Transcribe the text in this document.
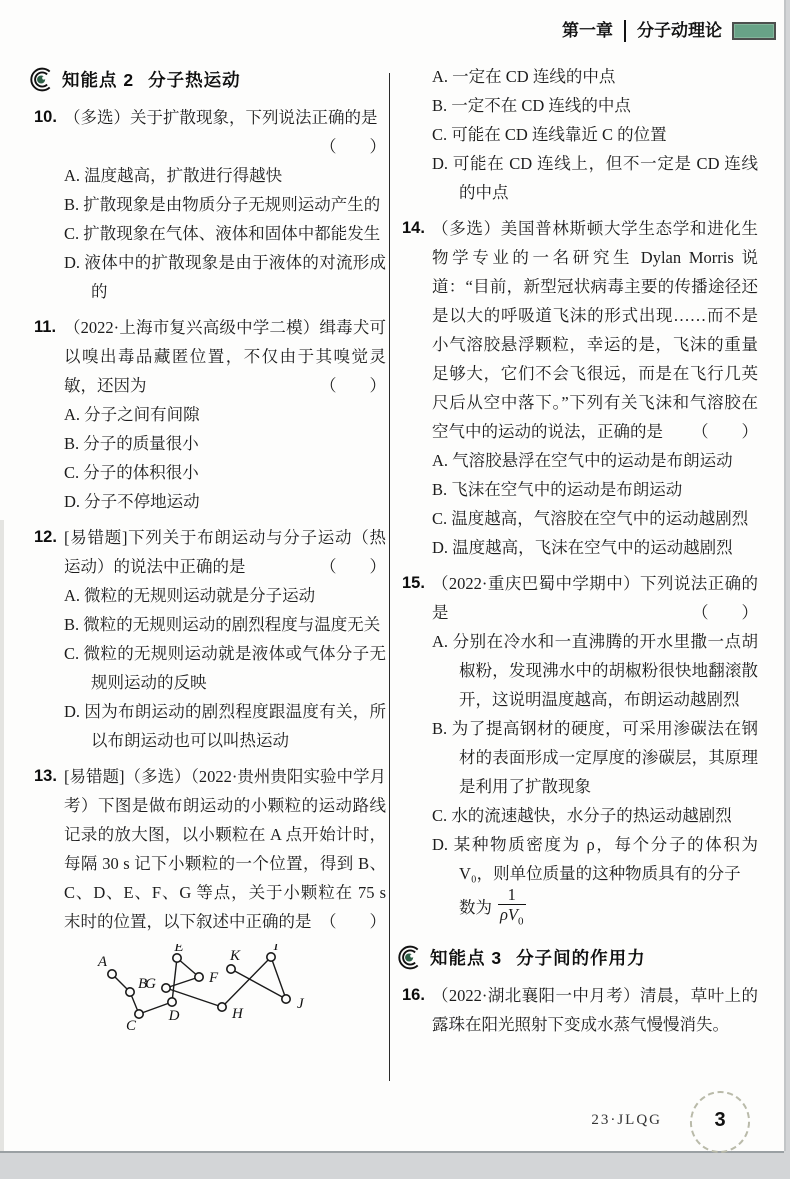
第一章 分子动理论
知能点 2 分子热运动
10. （多选）关于扩散现象，下列说法正确的是

（　　）

A. 温度越高，扩散进行得越快

B. 扩散现象是由物质分子无规则运动产生的

C. 扩散现象在气体、液体和固体中都能发生

D. 液体中的扩散现象是由于液体的对流形成的

11. （2022·上海市复兴高级中学二模）缉毒犬可以嗅出毒品藏匿位置，不仅由于其嗅觉灵敏，还因为	（　　）

A. 分子之间有间隙

B. 分子的质量很小

C. 分子的体积很小

D. 分子不停地运动

12. [易错题]下列关于布朗运动与分子运动（热运动）的说法中正确的是	（　　）

A. 微粒的无规则运动就是分子运动

B. 微粒的无规则运动的剧烈程度与温度无关

C. 微粒的无规则运动就是液体或气体分子无规则运动的反映

D. 因为布朗运动的剧烈程度跟温度有关，所以布朗运动也可以叫热运动

13. [易错题]（多选）（2022·贵州贵阳实验中学月考）下图是做布朗运动的小颗粒的运动路线记录的放大图，以小颗粒在 A 点开始计时，每隔 30 s 记下小颗粒的一个位置，得到 B、C、D、E、F、G 等点，关于小颗粒在 75 s 末时的位置，以下叙述中正确的是 （　　）

A
B
C
D
E
F
G
H
I
J
K

A. 一定在 CD 连线的中点

B. 一定不在 CD 连线的中点

C. 可能在 CD 连线靠近 C 的位置

D. 可能在 CD 连线上，但不一定是 CD 连线的中点

14. （多选）美国普林斯顿大学生态学和进化生物学专业的一名研究生 Dylan Morris 说道：“目前，新型冠状病毒主要的传播途径还是以大的呼吸道飞沫的形式出现……而不是小气溶胶悬浮颗粒，幸运的是，飞沫的重量足够大，它们不会飞很远，而是在飞行几英尺后从空中落下。”下列有关飞沫和气溶胶在空气中的运动的说法，正确的是 （　　）

A. 气溶胶悬浮在空气中的运动是布朗运动

B. 飞沫在空气中的运动是布朗运动

C. 温度越高，气溶胶在空气中的运动越剧烈

D. 温度越高，飞沫在空气中的运动越剧烈

15. （2022·重庆巴蜀中学期中）下列说法正确的是	（　　）

A. 分别在冷水和一直沸腾的开水里撒一点胡椒粉，发现沸水中的胡椒粉很快地翻滚散开，这说明温度越高，布朗运动越剧烈

B. 为了提高钢材的硬度，可采用渗碳法在钢材的表面形成一定厚度的渗碳层，其原理是利用了扩散现象

C. 水的流速越快，水分子的热运动越剧烈

D. 某种物质密度为 ρ，每个分子的体积为 V₀，则单位质量的这种物质具有的分子

数为 $\frac{1}{\rho V_0}$

知能点 3 分子间的作用力
16. （2022·湖北襄阳一中月考）清晨，草叶上的露珠在阳光照射下变成水蒸气慢慢消失。

23·JLQG	3
